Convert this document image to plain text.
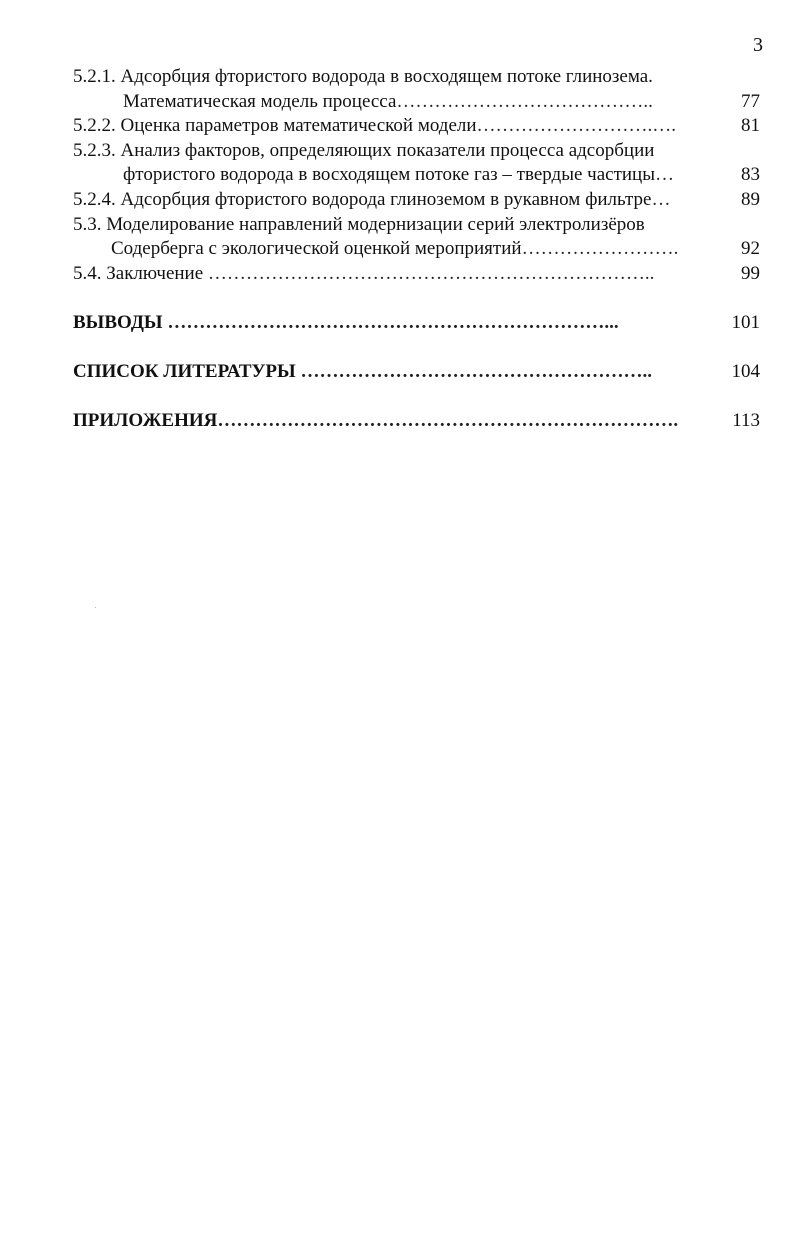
3
5.2.1. Адсорбция фтористого водорода в восходящем потоке глинозема.
Математическая модель процесса…………………………………..	77
5.2.2. Оценка параметров математической модели……………………….….	81
5.2.3. Анализ факторов, определяющих показатели процесса адсорбции
фтористого водорода в восходящем потоке газ – твердые частицы…	83
5.2.4. Адсорбция фтористого водорода глиноземом в рукавном фильтре…	89
5.3. Моделирование направлений модернизации серий электролизёров
Содерберга с экологической оценкой мероприятий…………………….	92
5.4. Заключение ……………………………………………………………..	99
ВЫВОДЫ ……………………………………………………………...	101
СПИСОК ЛИТЕРАТУРЫ ………………………………………………..	104
ПРИЛОЖЕНИЯ……………………………………………………………….	113
